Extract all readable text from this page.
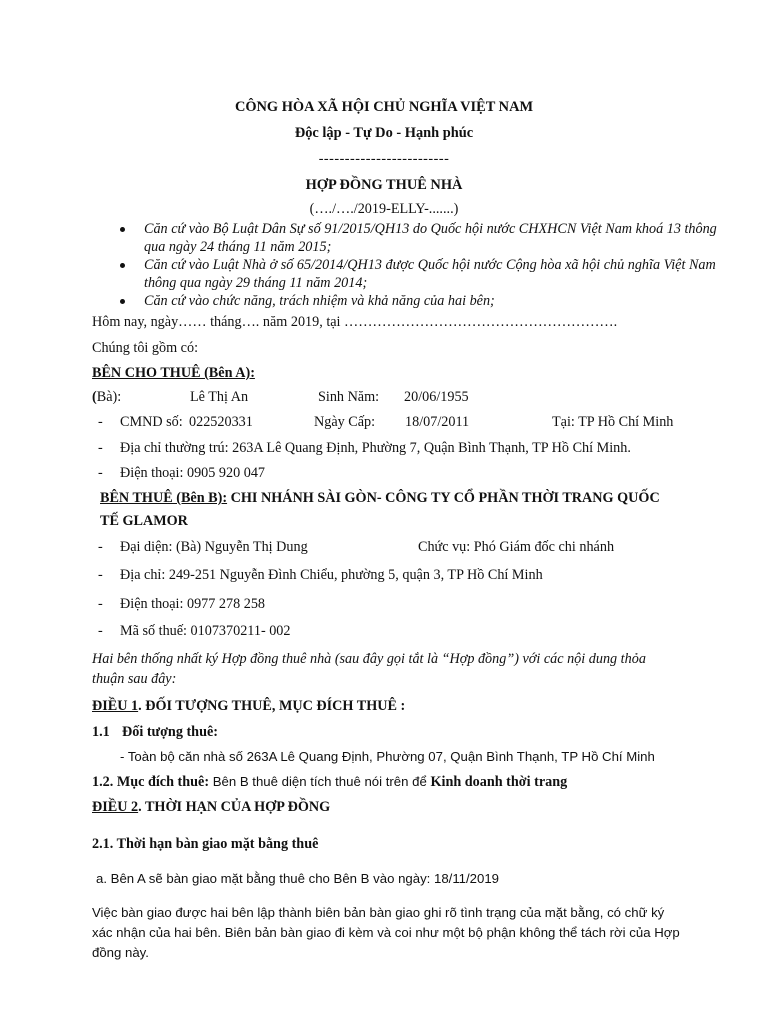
CÔNG HÒA XÃ HỘI CHỦ NGHĨA VIỆT NAM
Độc lập - Tự Do - Hạnh phúc
-------------------------
HỢP ĐỒNG THUÊ NHÀ
(…./…./2019-ELLY-.......)
Căn cứ vào Bộ Luật Dân Sự số 91/2015/QH13 do Quốc hội nước CHXHCN Việt Nam khoá 13 thông qua ngày 24 tháng 11 năm 2015;
Căn cứ vào Luật Nhà ở số 65/2014/QH13 được Quốc hội nước Cộng hòa xã hội chủ nghĩa Việt Nam thông qua ngày 29 tháng 11 năm 2014;
Căn cứ vào chức năng, trách nhiệm và khả năng của hai bên;
Hôm nay, ngày…… tháng…. năm 2019, tại ………………………………………………….
Chúng tôi gồm có:
BÊN CHO THUÊ (Bên A):
(Bà):	Lê Thị An	Sinh Năm: 20/06/1955
- CMND số: 022520331	Ngày Cấp: 18/07/2011	Tại: TP Hồ Chí Minh
- Địa chỉ thường trú: 263A Lê Quang Định, Phường 7, Quận Bình Thạnh, TP Hồ Chí Minh.
- Điện thoại: 0905 920 047
BÊN THUÊ (Bên B): CHI NHÁNH SÀI GÒN- CÔNG TY CỔ PHẦN THỜI TRANG QUỐC
TẾ GLAMOR
- Đại diện: (Bà) Nguyễn Thị Dung	Chức vụ: Phó Giám đốc chi nhánh
- Địa chỉ: 249-251 Nguyễn Đình Chiểu, phường 5, quận 3, TP Hồ Chí Minh
- Điện thoại: 0977 278 258
- Mã số thuế: 0107370211- 002
Hai bên thống nhất ký Hợp đồng thuê nhà (sau đây gọi tắt là “Hợp đồng”) với các nội dung thỏa
thuận sau đây:
ĐIỀU 1. ĐỐI TƯỢNG THUÊ, MỤC ĐÍCH THUÊ :
1.1 Đối tượng thuê:
- Toàn bộ căn nhà số 263A Lê Quang Định, Phường 07, Quận Bình Thạnh, TP Hồ Chí Minh
1.2. Mục đích thuê: Bên B thuê diện tích thuê nói trên để Kinh doanh thời trang
ĐIỀU 2. THỜI HẠN CỦA HỢP ĐỒNG
2.1. Thời hạn bàn giao mặt bằng thuê
a. Bên A sẽ bàn giao mặt bằng thuê cho Bên B vào ngày: 18/11/2019
Việc bàn giao được hai bên lập thành biên bản bàn giao ghi rõ tình trạng của mặt bằng, có chữ ký
xác nhận của hai bên. Biên bản bàn giao đi kèm và coi như một bộ phận không thể tách rời của Hợp
đồng này.
